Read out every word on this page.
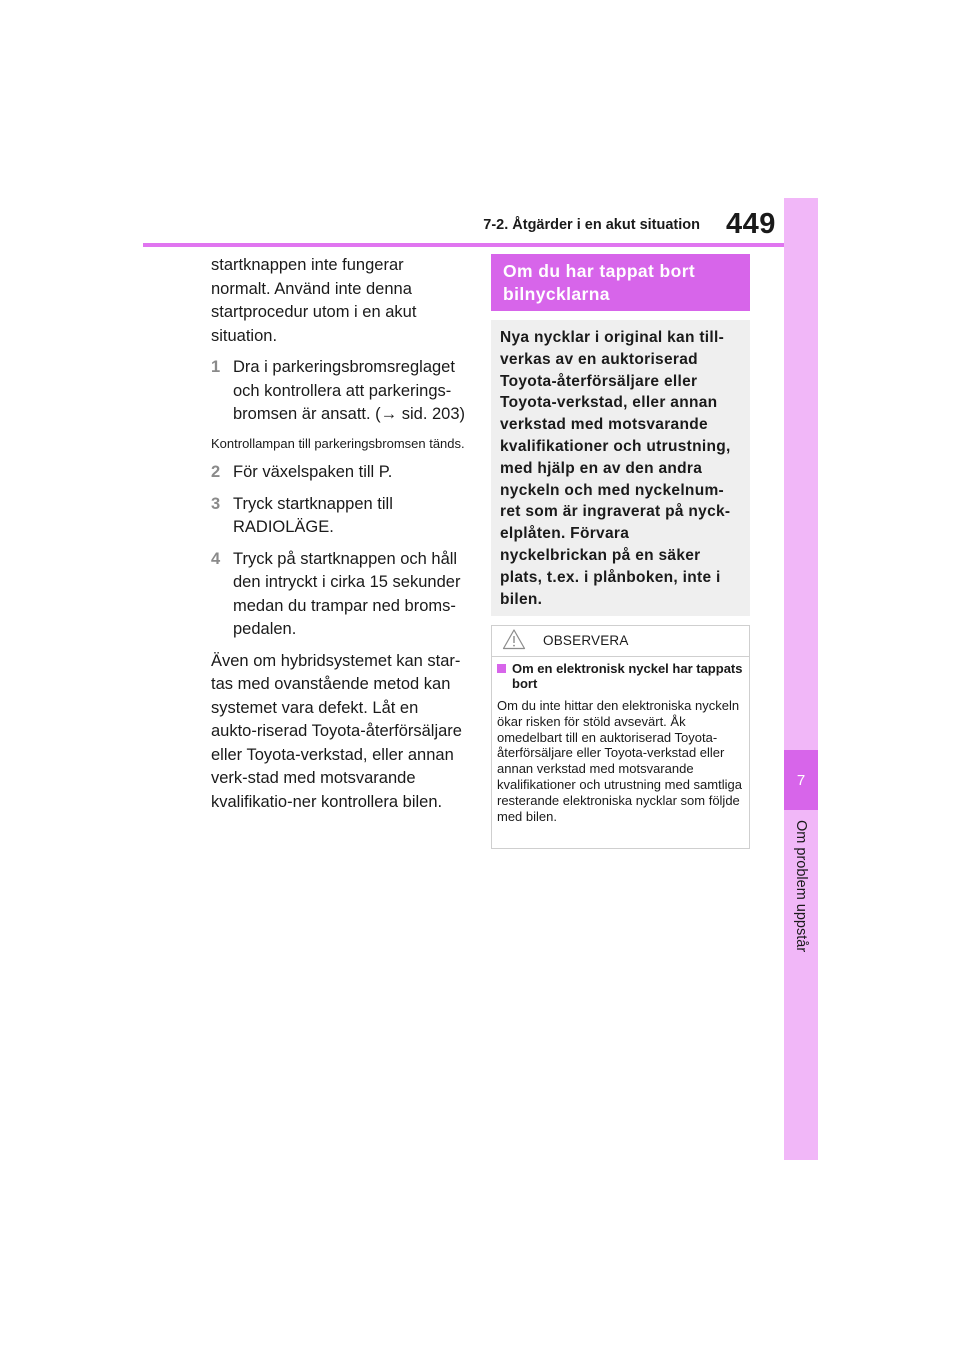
7-2. Åtgärder i en akut situation 449
7
Om problem uppstår

startknappen inte fungerar normalt. Använd inte denna startprocedur utom i en akut situation.

1 Dra i parkeringsbromsreglaget och kontrollera att parkerings-bromsen är ansatt. (→ sid. 203)

Kontrollampan till parkeringsbromsen tänds.

2 För växelspaken till P.
3 Tryck startknappen till RADIOLÄGE.
4 Tryck på startknappen och håll den intryckt i cirka 15 sekunder medan du trampar ned broms-pedalen.

Även om hybridsystemet kan star-tas med ovanstående metod kan systemet vara defekt. Låt en aukto-riserad Toyota-återförsäljare eller Toyota-verkstad, eller annan verk-stad med motsvarande kvalifikatio-ner kontrollera bilen.

Om du har tappat bort bilnycklarna
Nya nycklar i original kan till-verkas av en auktoriserad Toyota-återförsäljare eller Toyota-verkstad, eller annan verkstad med motsvarande kvalifikationer och utrustning, med hjälp en av den andra nyckeln och med nyckelnum-ret som är ingraverat på nyck-elplåten. Förvara nyckelbrickan på en säker plats, t.ex. i plånboken, inte i bilen.
OBSERVERA
Om en elektronisk nyckel har tappats bort
Om du inte hittar den elektroniska nyckeln ökar risken för stöld avsevärt. Åk omedelbart till en auktoriserad Toyota-återförsäljare eller Toyota-verkstad eller annan verkstad med motsvarande kvalifikationer och utrustning med samtliga resterande elektroniska nycklar som följde med bilen.
